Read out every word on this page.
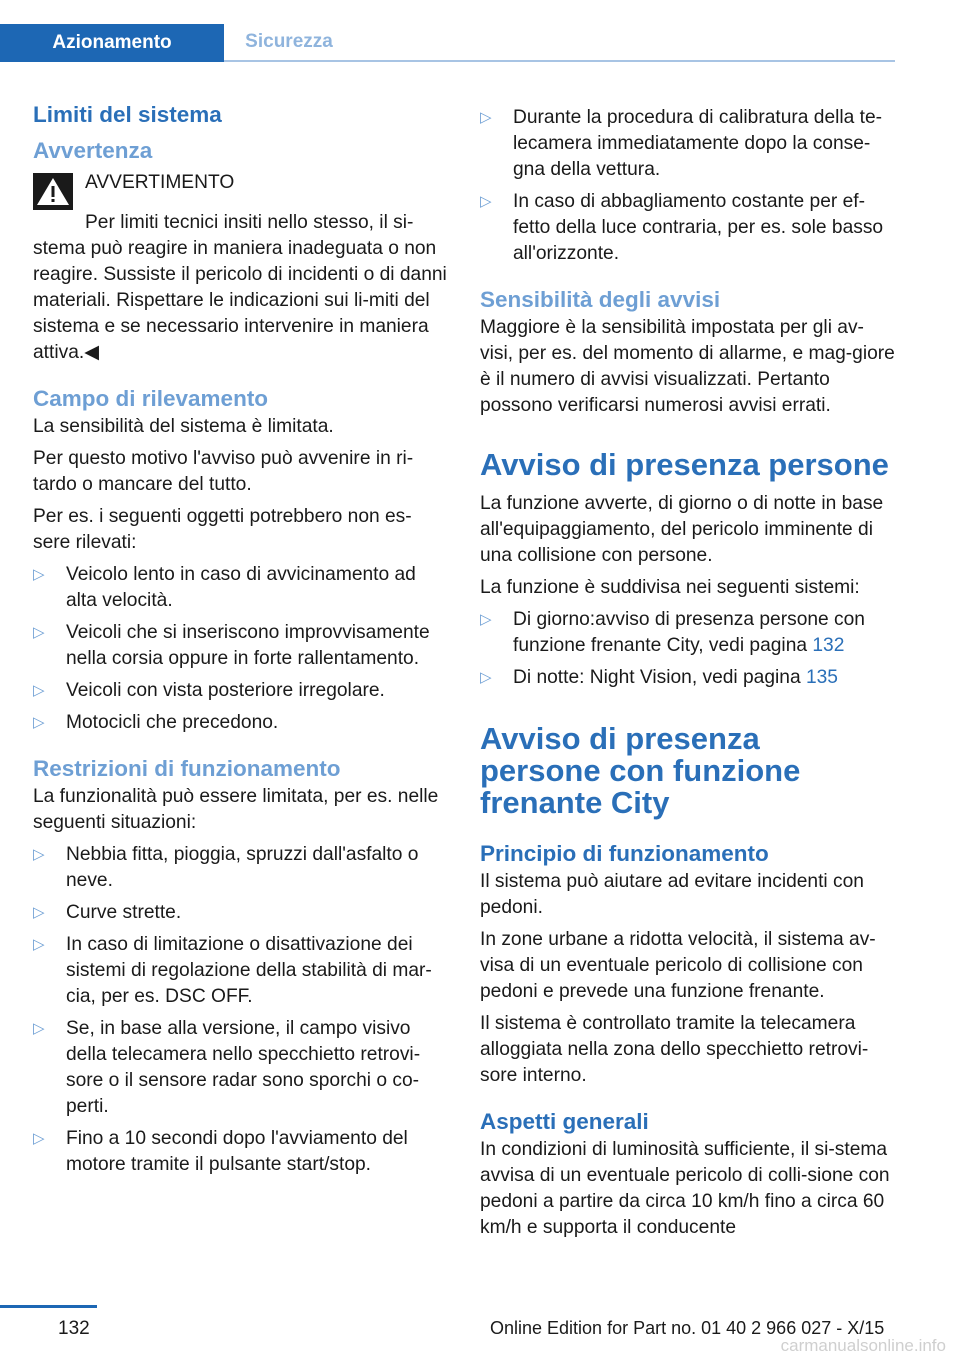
Azionamento	Sicurezza
Limiti del sistema
Avvertenza

AVVERTIMENTO

Per limiti tecnici insiti nello stesso, il si-stema può reagire in maniera inadeguata o non reagire. Sussiste il pericolo di incidenti o di danni materiali. Rispettare le indicazioni sui li-miti del sistema e se necessario intervenire in maniera attiva.◀

Campo di rilevamento

La sensibilità del sistema è limitata.

Per questo motivo l'avviso può avvenire in ri-tardo o mancare del tutto.

Per es. i seguenti oggetti potrebbero non es-sere rilevati:

▷ Veicolo lento in caso di avvicinamento ad alta velocità.
▷ Veicoli che si inseriscono improvvisamente nella corsia oppure in forte rallentamento.
▷ Veicoli con vista posteriore irregolare.
▷ Motocicli che precedono.
Restrizioni di funzionamento

La funzionalità può essere limitata, per es. nelle seguenti situazioni:

▷ Nebbia fitta, pioggia, spruzzi dall'asfalto o neve.
▷ Curve strette.
▷ In caso di limitazione o disattivazione dei sistemi di regolazione della stabilità di mar-cia, per es. DSC OFF.
▷ Se, in base alla versione, il campo visivo della telecamera nello specchietto retrovi-sore o il sensore radar sono sporchi o co-perti.
▷ Fino a 10 secondi dopo l'avviamento del motore tramite il pulsante start/stop.
▷ Durante la procedura di calibratura della te-lecamera immediatamente dopo la conse-gna della vettura.
▷ In caso di abbagliamento costante per ef-fetto della luce contraria, per es. sole basso all'orizzonte.
Sensibilità degli avvisi

Maggiore è la sensibilità impostata per gli av-visi, per es. del momento di allarme, e mag-giore è il numero di avvisi visualizzati. Pertanto possono verificarsi numerosi avvisi errati.

Avviso di presenza persone

La funzione avverte, di giorno o di notte in base all'equipaggiamento, del pericolo imminente di una collisione con persone.

La funzione è suddivisa nei seguenti sistemi:

▷ Di giorno:avviso di presenza persone con funzione frenante City, vedi pagina 132
▷ Di notte: Night Vision, vedi pagina 135
Avviso di presenza persone con funzione frenante City
Principio di funzionamento

Il sistema può aiutare ad evitare incidenti con pedoni.

In zone urbane a ridotta velocità, il sistema av-visa di un eventuale pericolo di collisione con pedoni e prevede una funzione frenante.

Il sistema è controllato tramite la telecamera alloggiata nella zona dello specchietto retrovi-sore interno.

Aspetti generali

In condizioni di luminosità sufficiente, il si-stema avvisa di un eventuale pericolo di colli-sione con pedoni a partire da circa 10 km/h fino a circa 60 km/h e supporta il conducente

132	Online Edition for Part no. 01 40 2 966 027 - X/15
carmanualsonline.info
